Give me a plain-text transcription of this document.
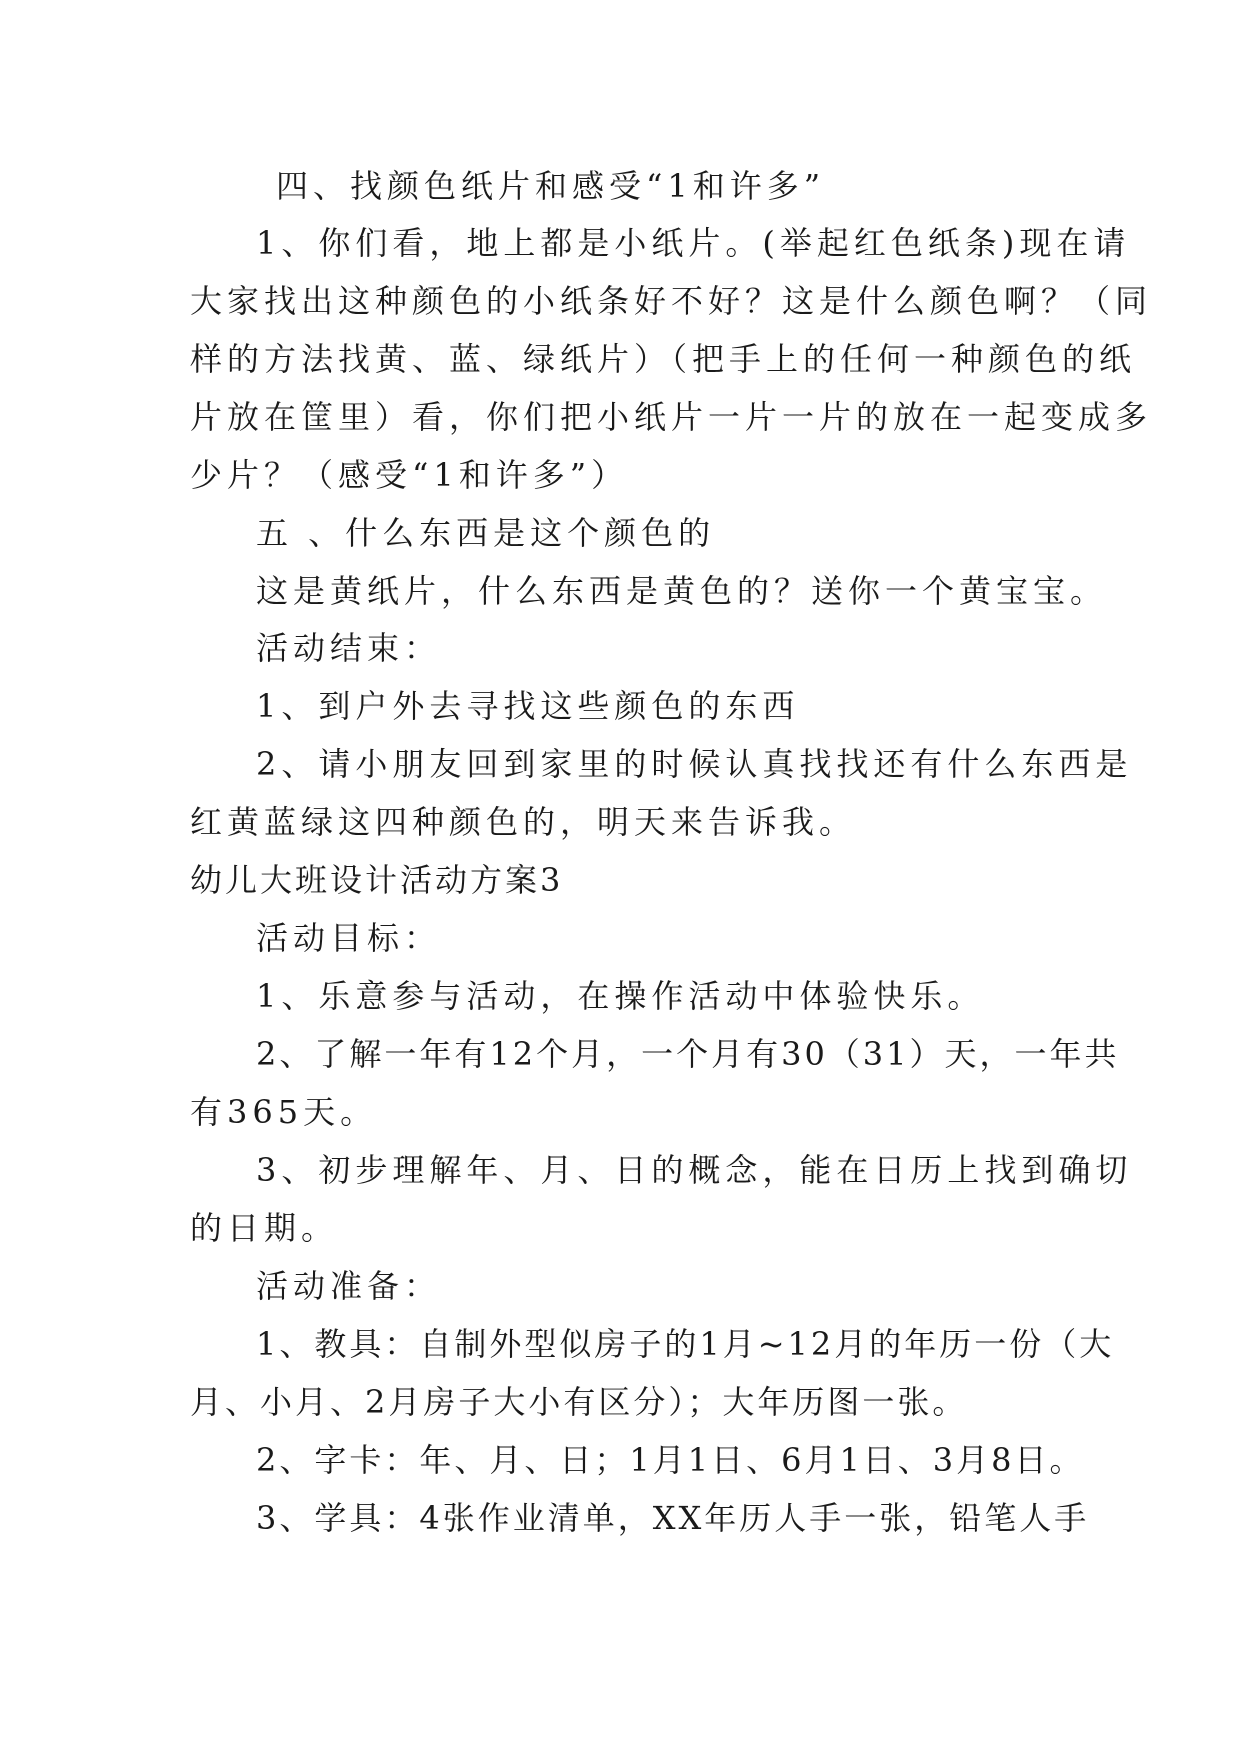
四、找颜色纸片和感受“1和许多”
1、你们看，地上都是小纸片。(举起红色纸条)现在请
大家找出这种颜色的小纸条好不好？这是什么颜色啊？（同
样的方法找黄、蓝、绿纸片）（把手上的任何一种颜色的纸
片放在筐里）看，你们把小纸片一片一片的放在一起变成多
少片？（感受“1和许多”）
五 、什么东西是这个颜色的
这是黄纸片，什么东西是黄色的？送你一个黄宝宝。
活动结束：
1、到户外去寻找这些颜色的东西
2、请小朋友回到家里的时候认真找找还有什么东西是
红黄蓝绿这四种颜色的，明天来告诉我。
幼儿大班设计活动方案3
活动目标：
1、乐意参与活动，在操作活动中体验快乐。
2、了解一年有12个月，一个月有30（31）天，一年共
有365天。
3、初步理解年、月、日的概念，能在日历上找到确切
的日期。
活动准备：
1、教具：自制外型似房子的1月~12月的年历一份（大
月、小月、2月房子大小有区分）；大年历图一张。
2、字卡：年、月、日；1月1日、6月1日、3月8日。
3、学具：4张作业清单，XX年历人手一张，铅笔人手
